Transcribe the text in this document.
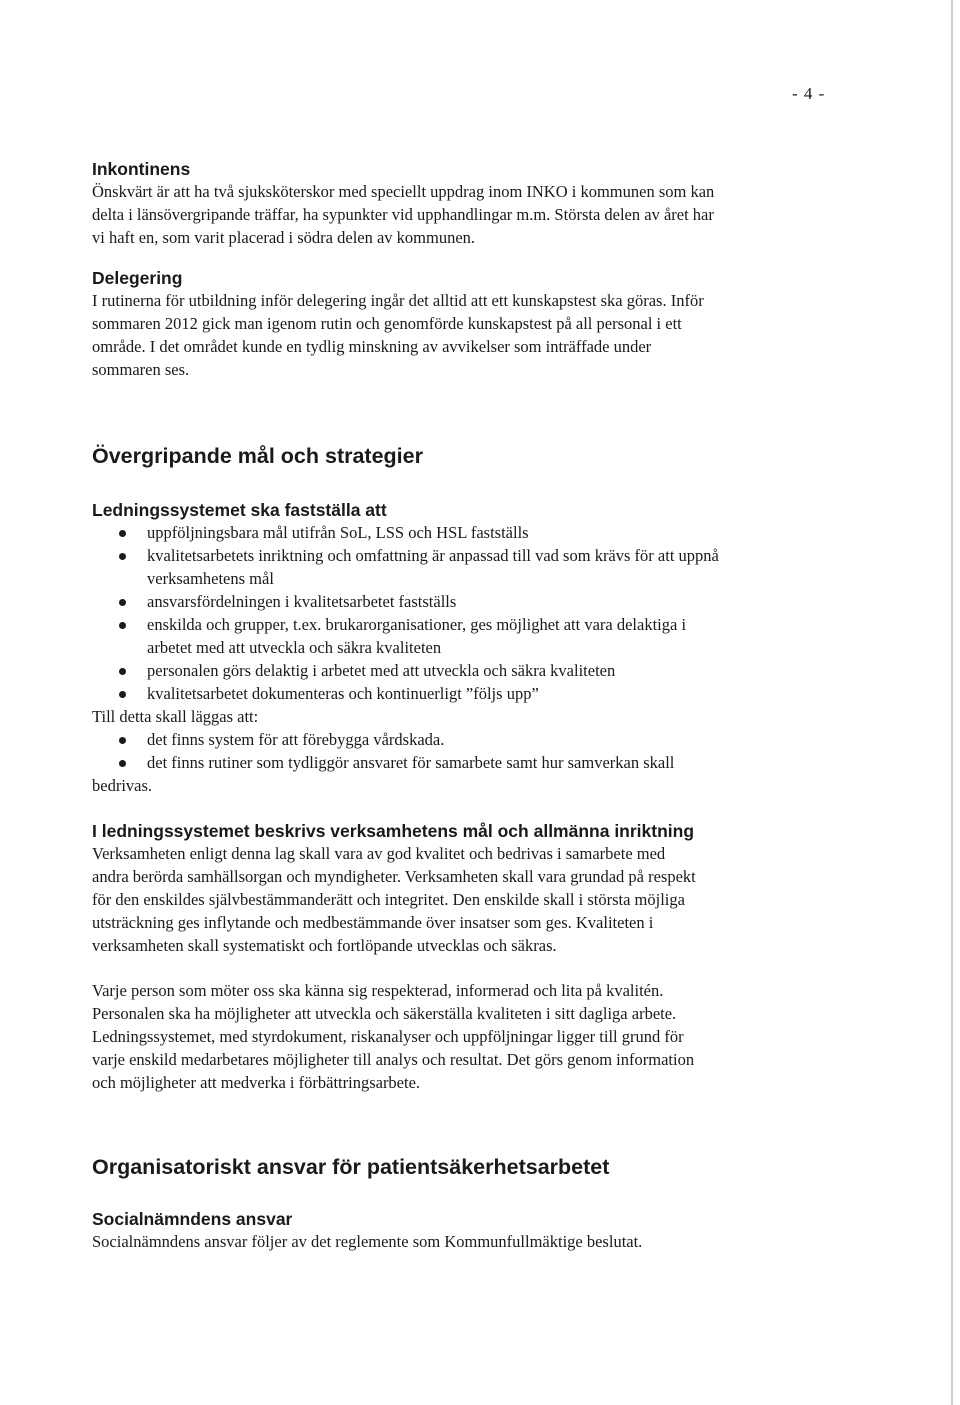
- 4 -
Inkontinens

Önskvärt är att ha två sjuksköterskor med speciellt uppdrag inom INKO i kommunen som kan
delta i länsövergripande träffar, ha sypunkter vid upphandlingar m.m. Största delen av året har
vi haft en, som varit placerad i södra delen av kommunen.

Delegering

I rutinerna för utbildning inför delegering ingår det alltid att ett kunskapstest ska göras. Inför
sommaren 2012 gick man igenom rutin och genomförde kunskapstest på all personal i ett
område. I det området kunde en tydlig minskning av avvikelser som inträffade under
sommaren ses.

Övergripande mål och strategier
Ledningssystemet ska fastställa att
uppföljningsbara mål utifrån SoL, LSS och HSL fastställs
kvalitetsarbetets inriktning och omfattning är anpassad till vad som krävs för att uppnå
verksamhetens mål
ansvarsfördelningen i kvalitetsarbetet fastställs
enskilda och grupper, t.ex. brukarorganisationer, ges möjlighet att vara delaktiga i
arbetet med att utveckla och säkra kvaliteten
personalen görs delaktig i arbetet med att utveckla och säkra kvaliteten
kvalitetsarbetet dokumenteras och kontinuerligt ”följs upp”

Till detta skall läggas att:

det finns system för att förebygga vårdskada.
det finns rutiner som tydliggör ansvaret för samarbete samt hur samverkan skall

bedrivas.

I ledningssystemet beskrivs verksamhetens mål och allmänna inriktning

Verksamheten enligt denna lag skall vara av god kvalitet och bedrivas i samarbete med
andra berörda samhällsorgan och myndigheter. Verksamheten skall vara grundad på respekt
för den enskildes självbestämmanderätt och integritet. Den enskilde skall i största möjliga
utsträckning ges inflytande och medbestämmande över insatser som ges. Kvaliteten i
verksamheten skall systematiskt och fortlöpande utvecklas och säkras.

Varje person som möter oss ska känna sig respekterad, informerad och lita på kvalitén.
Personalen ska ha möjligheter att utveckla och säkerställa kvaliteten i sitt dagliga arbete.
Ledningssystemet, med styrdokument, riskanalyser och uppföljningar ligger till grund för
varje enskild medarbetares möjligheter till analys och resultat. Det görs genom information
och möjligheter att medverka i förbättringsarbete.

Organisatoriskt ansvar för patientsäkerhetsarbetet
Socialnämndens ansvar

Socialnämndens ansvar följer av det reglemente som Kommunfullmäktige beslutat.
